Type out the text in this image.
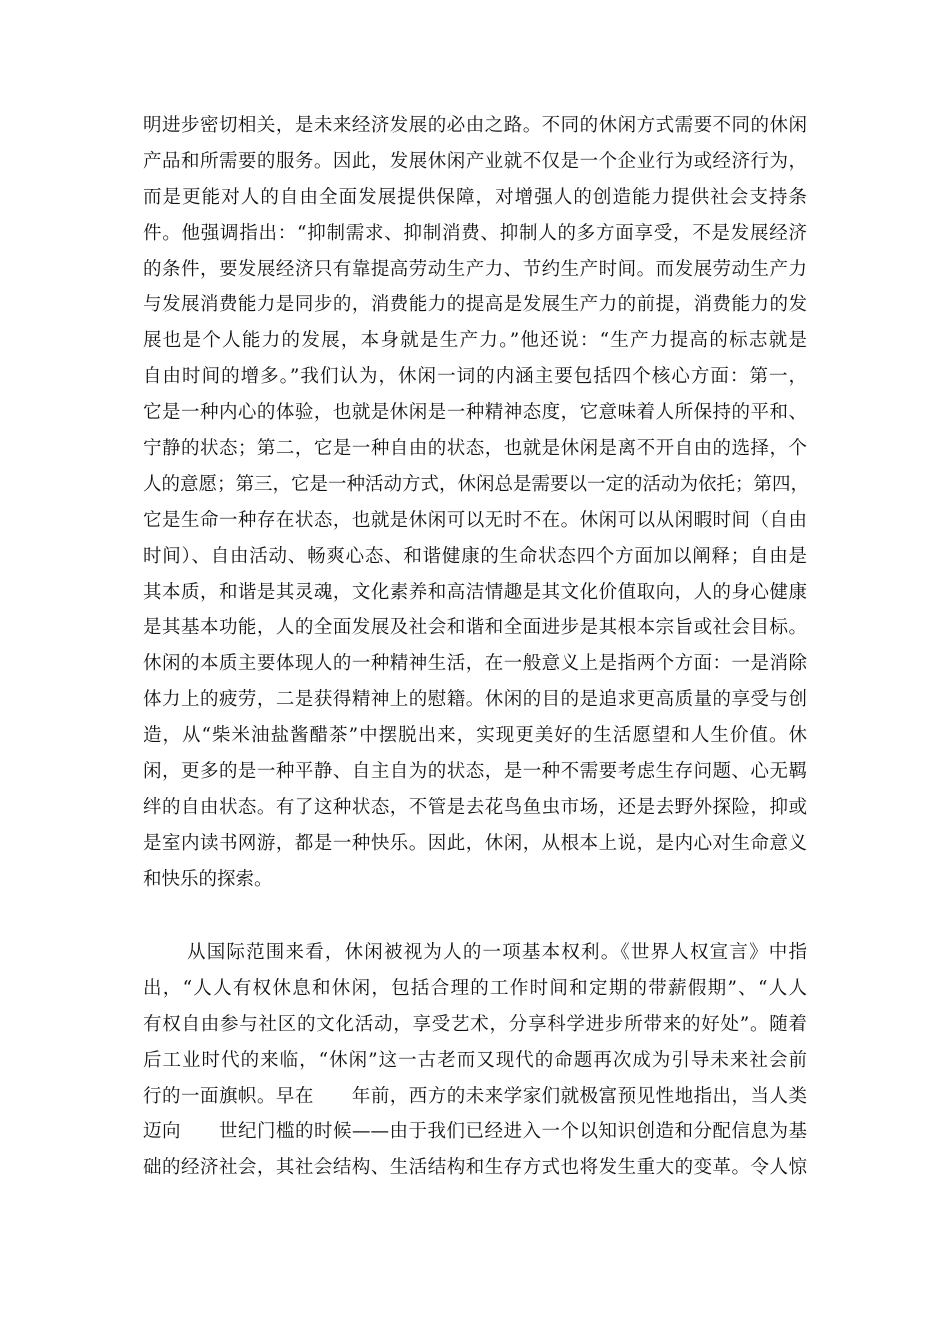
明进步密切相关，是未来经济发展的必由之路。不同的休闲方式需要不同的休闲
产品和所需要的服务。因此，发展休闲产业就不仅是一个企业行为或经济行为，
而是更能对人的自由全面发展提供保障，对增强人的创造能力提供社会支持条
件。他强调指出：“抑制需求、抑制消费、抑制人的多方面享受，不是发展经济
的条件，要发展经济只有靠提高劳动生产力、节约生产时间。而发展劳动生产力
与发展消费能力是同步的，消费能力的提高是发展生产力的前提，消费能力的发
展也是个人能力的发展，本身就是生产力。”他还说：“生产力提高的标志就是
自由时间的增多。”我们认为，休闲一词的内涵主要包括四个核心方面：第一，
它是一种内心的体验，也就是休闲是一种精神态度，它意味着人所保持的平和、
宁静的状态；第二，它是一种自由的状态，也就是休闲是离不开自由的选择，个
人的意愿；第三，它是一种活动方式，休闲总是需要以一定的活动为依托；第四，
它是生命一种存在状态，也就是休闲可以无时不在。休闲可以从闲暇时间（自由
时间）、自由活动、畅爽心态、和谐健康的生命状态四个方面加以阐释；自由是
其本质，和谐是其灵魂，文化素养和高洁情趣是其文化价值取向，人的身心健康
是其基本功能，人的全面发展及社会和谐和全面进步是其根本宗旨或社会目标。
休闲的本质主要体现人的一种精神生活，在一般意义上是指两个方面：一是消除
体力上的疲劳，二是获得精神上的慰籍。休闲的目的是追求更高质量的享受与创
造，从“柴米油盐酱醋茶”中摆脱出来，实现更美好的生活愿望和人生价值。休
闲，更多的是一种平静、自主自为的状态，是一种不需要考虑生存问题、心无羁
绊的自由状态。有了这种状态，不管是去花鸟鱼虫市场，还是去野外探险，抑或
是室内读书网游，都是一种快乐。因此，休闲，从根本上说，是内心对生命意义
和快乐的探索。
从国际范围来看，休闲被视为人的一项基本权利。《世界人权宣言》中指
出，“人人有权休息和休闲，包括合理的工作时间和定期的带薪假期”、“人人
有权自由参与社区的文化活动，享受艺术，分享科学进步所带来的好处”。随着
后工业时代的来临，“休闲”这一古老而又现代的命题再次成为引导未来社会前
行的一面旗帜。早在　　年前，西方的未来学家们就极富预见性地指出，当人类
迈向　　世纪门槛的时候——由于我们已经进入一个以知识创造和分配信息为基
础的经济社会，其社会结构、生活结构和生存方式也将发生重大的变革。令人惊
